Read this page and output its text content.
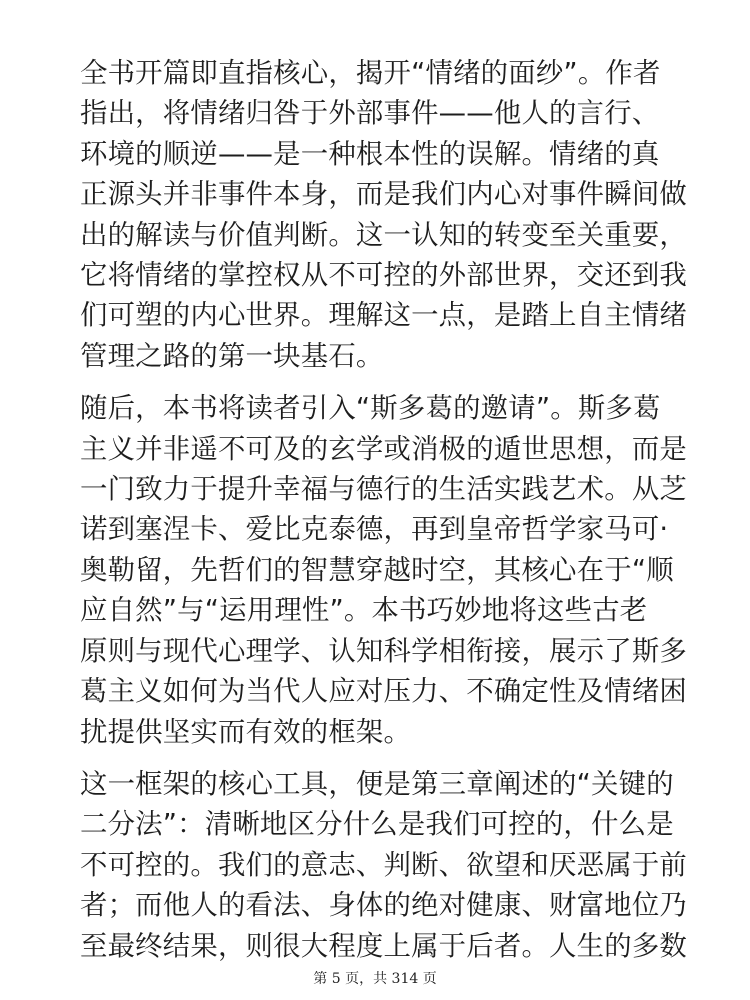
全书开篇即直指核心，揭开“情绪的面纱”。作者
指出，将情绪归咎于外部事件——他人的言行、
环境的顺逆——是一种根本性的误解。情绪的真
正源头并非事件本身，而是我们内心对事件瞬间做
出的解读与价值判断。这一认知的转变至关重要，
它将情绪的掌控权从不可控的外部世界，交还到我
们可塑的内心世界。理解这一点，是踏上自主情绪
管理之路的第一块基石。

随后，本书将读者引入“斯多葛的邀请”。斯多葛
主义并非遥不可及的玄学或消极的遁世思想，而是
一门致力于提升幸福与德行的生活实践艺术。从芝
诺到塞涅卡、爱比克泰德，再到皇帝哲学家马可·
奥勒留，先哲们的智慧穿越时空，其核心在于“顺
应自然”与“运用理性”。本书巧妙地将这些古老
原则与现代心理学、认知科学相衔接，展示了斯多
葛主义如何为当代人应对压力、不确定性及情绪困
扰提供坚实而有效的框架。

这一框架的核心工具，便是第三章阐述的“关键的
二分法”：清晰地区分什么是我们可控的，什么是
不可控的。我们的意志、判断、欲望和厌恶属于前
者；而他人的看法、身体的绝对健康、财富地位乃
至最终结果，则很大程度上属于后者。人生的多数

第 5 页，共 314 页
